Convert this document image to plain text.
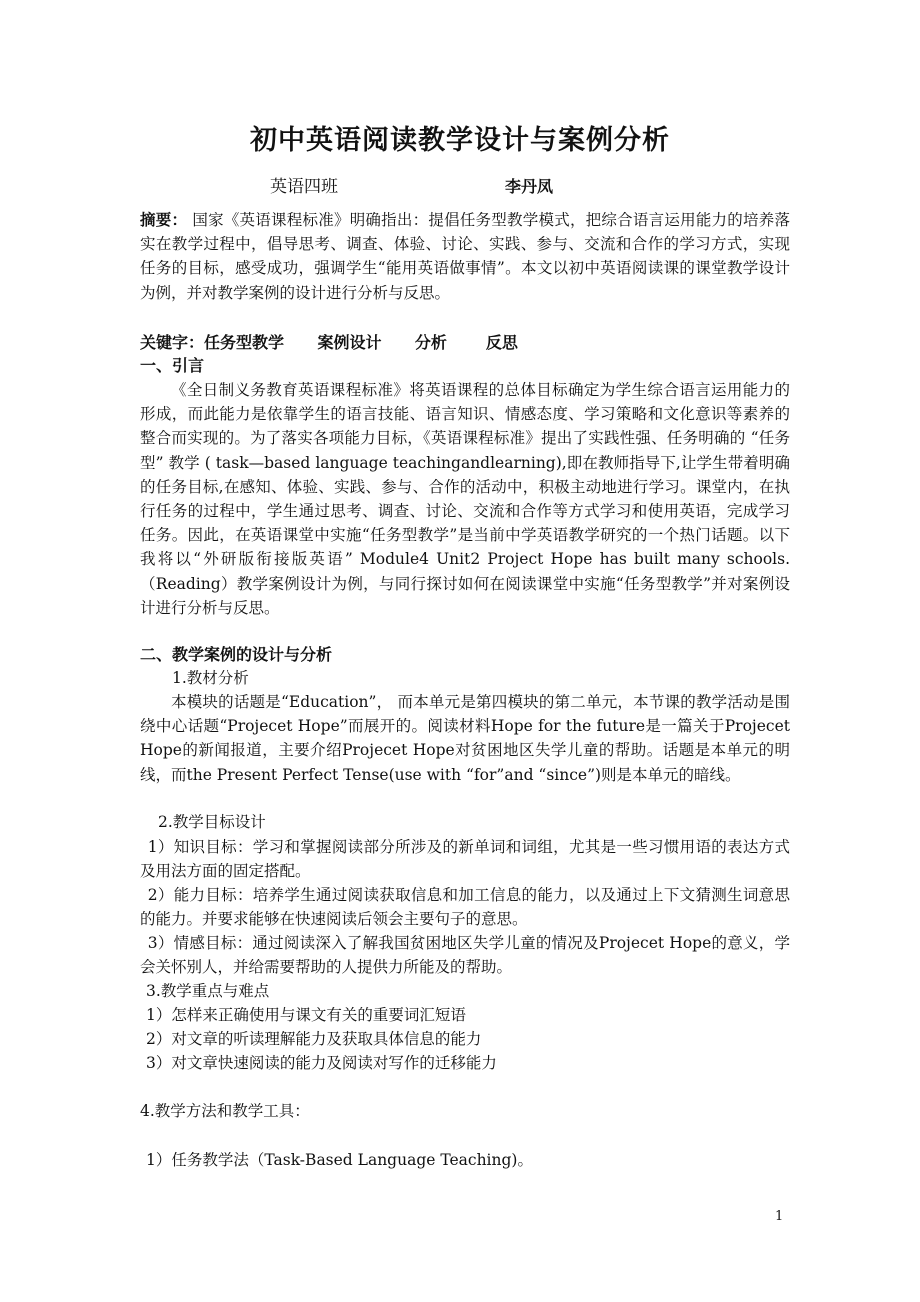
初中英语阅读教学设计与案例分析
英语四班	李丹凤

摘要： 国家《英语课程标准》明确指出：提倡任务型教学模式，把综合语言运用能力的培养落实在教学过程中，倡导思考、调查、体验、讨论、实践、参与、交流和合作的学习方式，实现任务的目标，感受成功，强调学生“能用英语做事情”。本文以初中英语阅读课的课堂教学设计为例，并对教学案例的设计进行分析与反思。

关键字：任务型教学 案例设计 分析 反思
一、引言

《全日制义务教育英语课程标准》将英语课程的总体目标确定为学生综合语言运用能力的形成，而此能力是依靠学生的语言技能、语言知识、情感态度、学习策略和文化意识等素养的整合而实现的。为了落实各项能力目标，《英语课程标准》提出了实践性强、任务明确的 “任务型” 教学 ( task—based language teachingandlearning),即在教师指导下,让学生带着明确的任务目标,在感知、体验、实践、参与、合作的活动中，积极主动地进行学习。课堂内，在执行任务的过程中，学生通过思考、调查、讨论、交流和合作等方式学习和使用英语，完成学习任务。因此，在英语课堂中实施“任务型教学”是当前中学英语教学研究的一个热门话题。以下我将以“外研版衔接版英语” Module4 Unit2 Project Hope has built many schools.（Reading）教学案例设计为例，与同行探讨如何在阅读课堂中实施“任务型教学”并对案例设计进行分析与反思。

二、教学案例的设计与分析
1.教材分析

本模块的话题是“Education”， 而本单元是第四模块的第二单元，本节课的教学活动是围绕中心话题“Projecet Hope”而展开的。阅读材料Hope for the future是一篇关于Projecet Hope的新闻报道，主要介绍Projecet Hope对贫困地区失学儿童的帮助。话题是本单元的明线，而the Present Perfect Tense(use with “for”and “since”)则是本单元的暗线。

2.教学目标设计

1）知识目标：学习和掌握阅读部分所涉及的新单词和词组，尤其是一些习惯用语的表达方式及用法方面的固定搭配。

2）能力目标：培养学生通过阅读获取信息和加工信息的能力，以及通过上下文猜测生词意思的能力。并要求能够在快速阅读后领会主要句子的意思。

3）情感目标：通过阅读深入了解我国贫困地区失学儿童的情况及Projecet Hope的意义，学会关怀别人，并给需要帮助的人提供力所能及的帮助。

3.教学重点与难点
1）怎样来正确使用与课文有关的重要词汇短语
2）对文章的听读理解能力及获取具体信息的能力
3）对文章快速阅读的能力及阅读对写作的迁移能力
4.教学方法和教学工具：
1）任务教学法（Task-Based Language Teaching)。
1
